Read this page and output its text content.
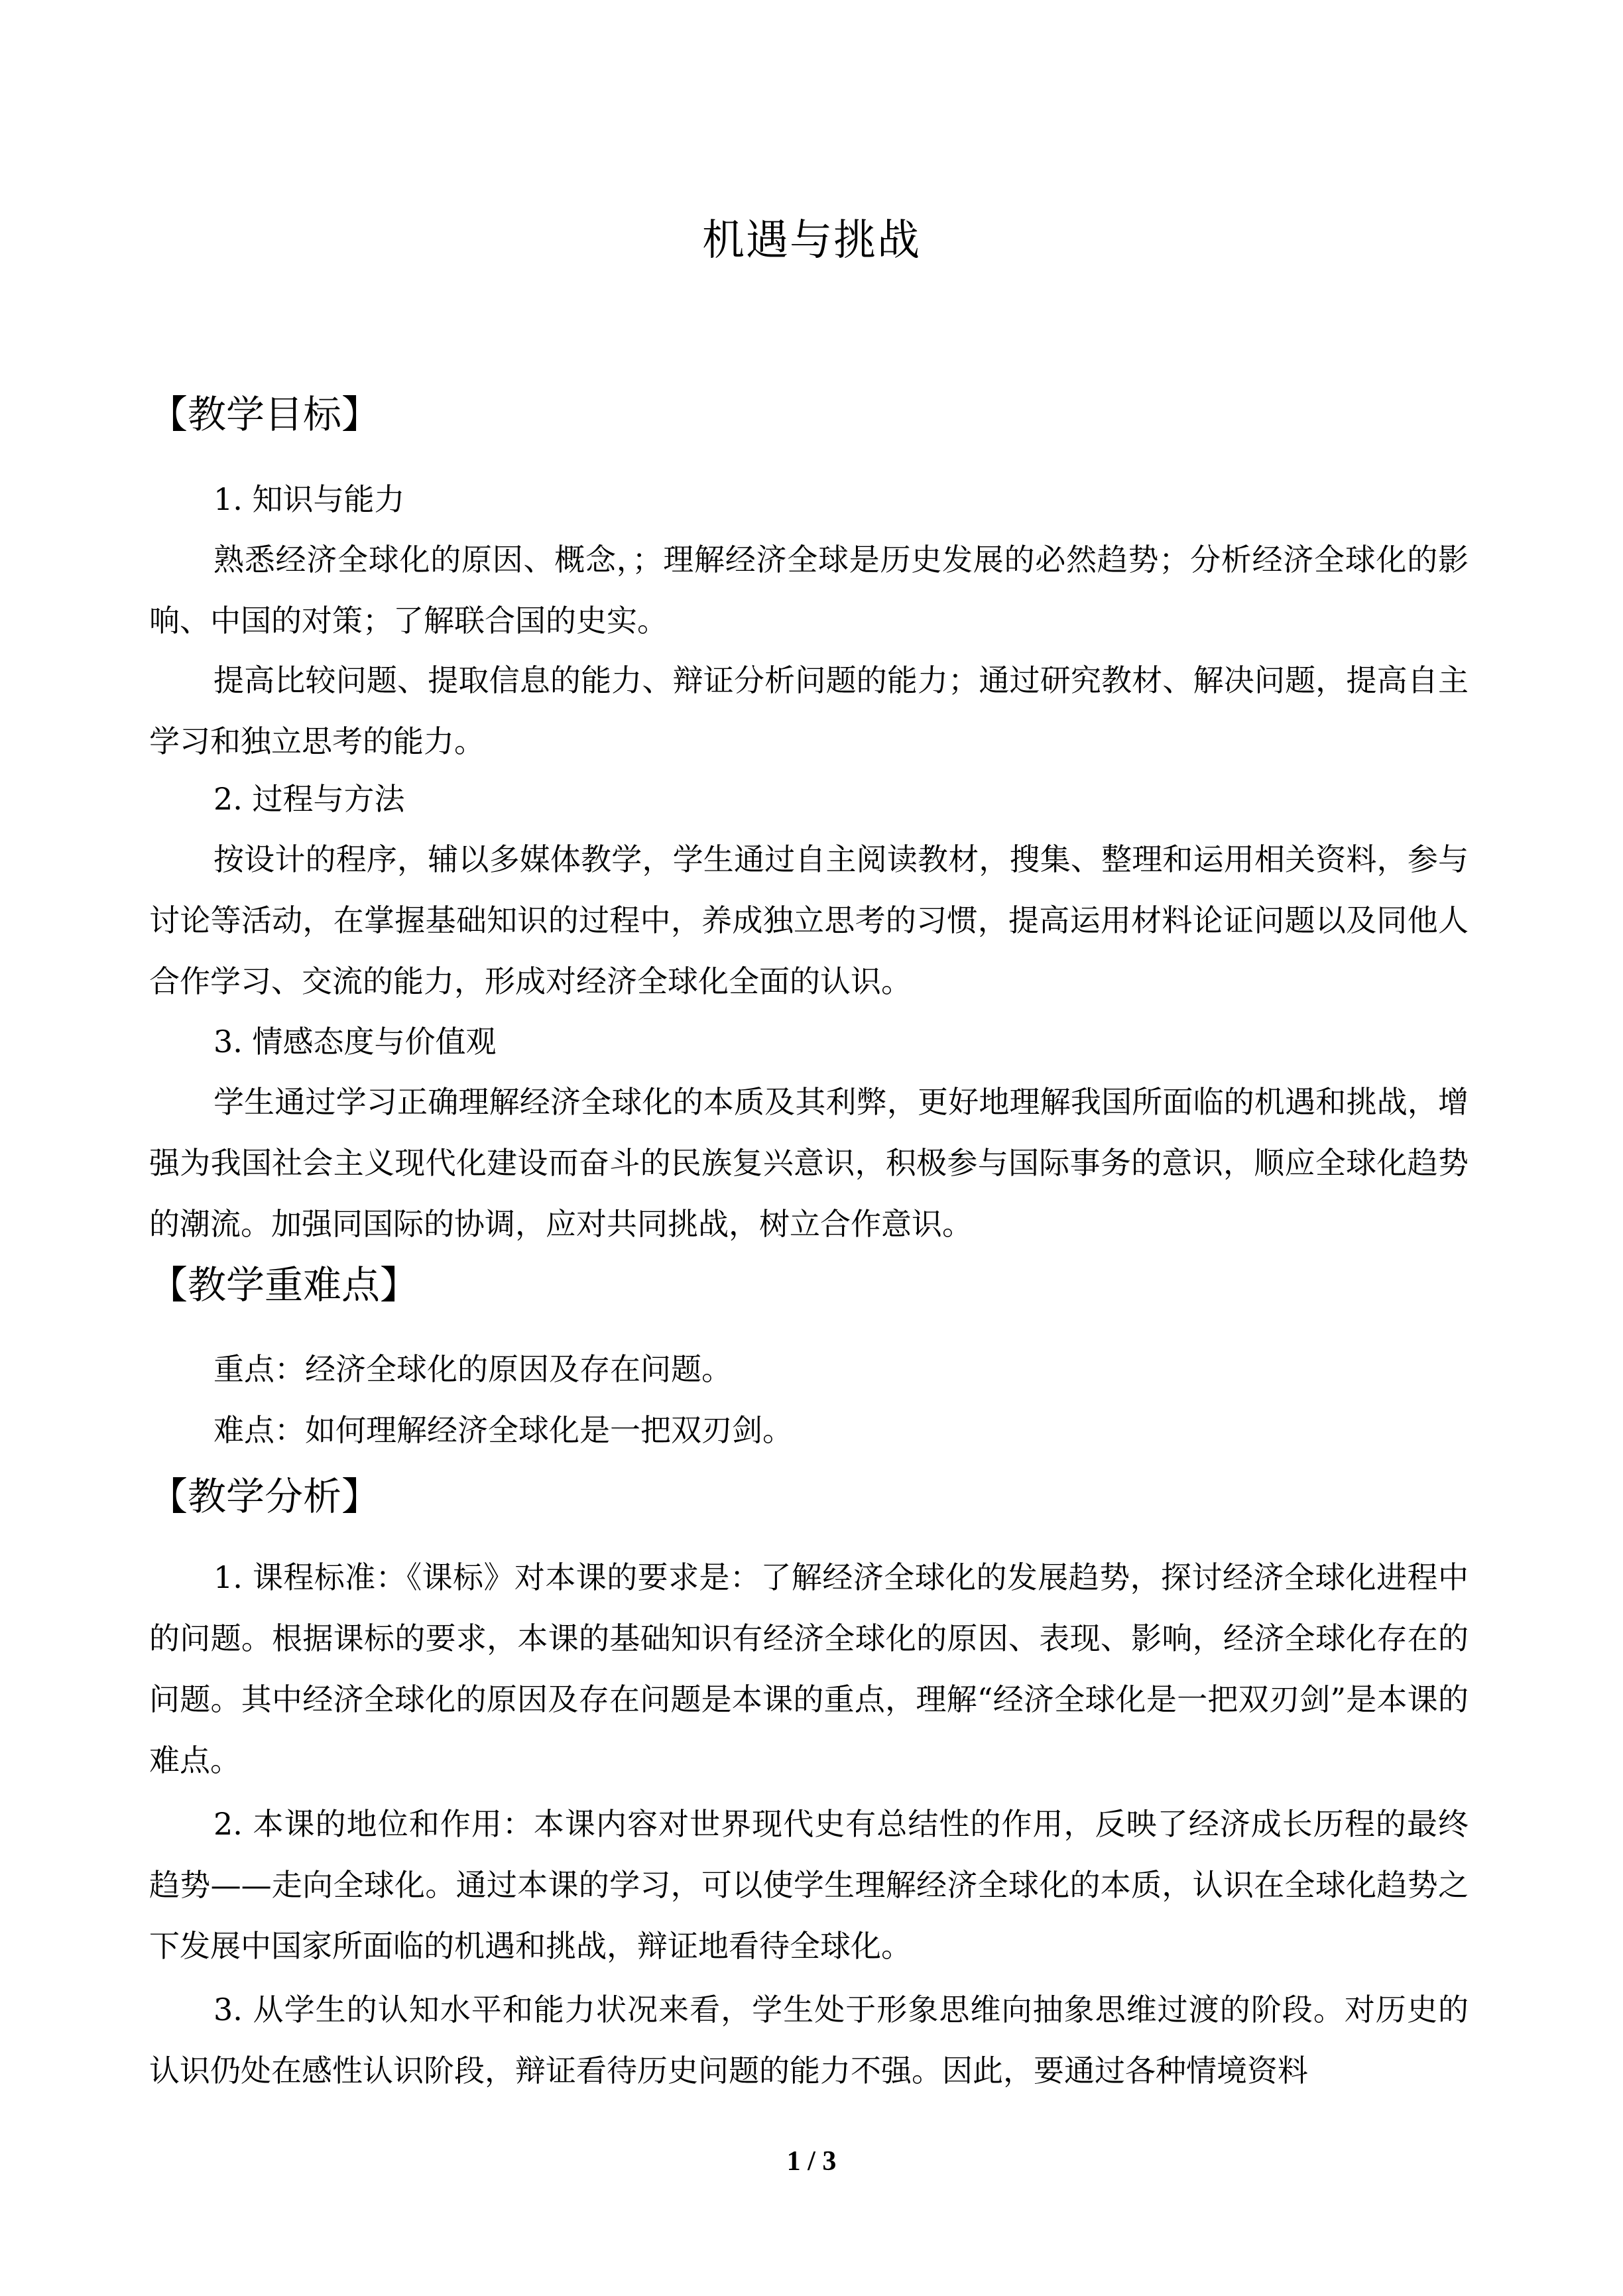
机遇与挑战
【教学目标】
1. 知识与能力
熟悉经济全球化的原因、概念，；理解经济全球是历史发展的必然趋势；分析经济全球化的影响、中国的对策；了解联合国的史实。
提高比较问题、提取信息的能力、辩证分析问题的能力；通过研究教材、解决问题，提高自主学习和独立思考的能力。
2. 过程与方法
按设计的程序，辅以多媒体教学，学生通过自主阅读教材，搜集、整理和运用相关资料，参与讨论等活动，在掌握基础知识的过程中，养成独立思考的习惯，提高运用材料论证问题以及同他人合作学习、交流的能力，形成对经济全球化全面的认识。
3. 情感态度与价值观
学生通过学习正确理解经济全球化的本质及其利弊，更好地理解我国所面临的机遇和挑战，增强为我国社会主义现代化建设而奋斗的民族复兴意识，积极参与国际事务的意识，顺应全球化趋势的潮流。加强同国际的协调，应对共同挑战，树立合作意识。
【教学重难点】
重点：经济全球化的原因及存在问题。
难点：如何理解经济全球化是一把双刃剑。
【教学分析】
1. 课程标准：《课标》对本课的要求是：了解经济全球化的发展趋势，探讨经济全球化进程中的问题。根据课标的要求，本课的基础知识有经济全球化的原因、表现、影响，经济全球化存在的问题。其中经济全球化的原因及存在问题是本课的重点，理解“经济全球化是一把双刃剑”是本课的难点。
2. 本课的地位和作用：本课内容对世界现代史有总结性的作用，反映了经济成长历程的最终趋势——走向全球化。通过本课的学习，可以使学生理解经济全球化的本质，认识在全球化趋势之下发展中国家所面临的机遇和挑战，辩证地看待全球化。
3. 从学生的认知水平和能力状况来看，学生处于形象思维向抽象思维过渡的阶段。对历史的认识仍处在感性认识阶段，辩证看待历史问题的能力不强。因此，要通过各种情境资料
1 / 3
